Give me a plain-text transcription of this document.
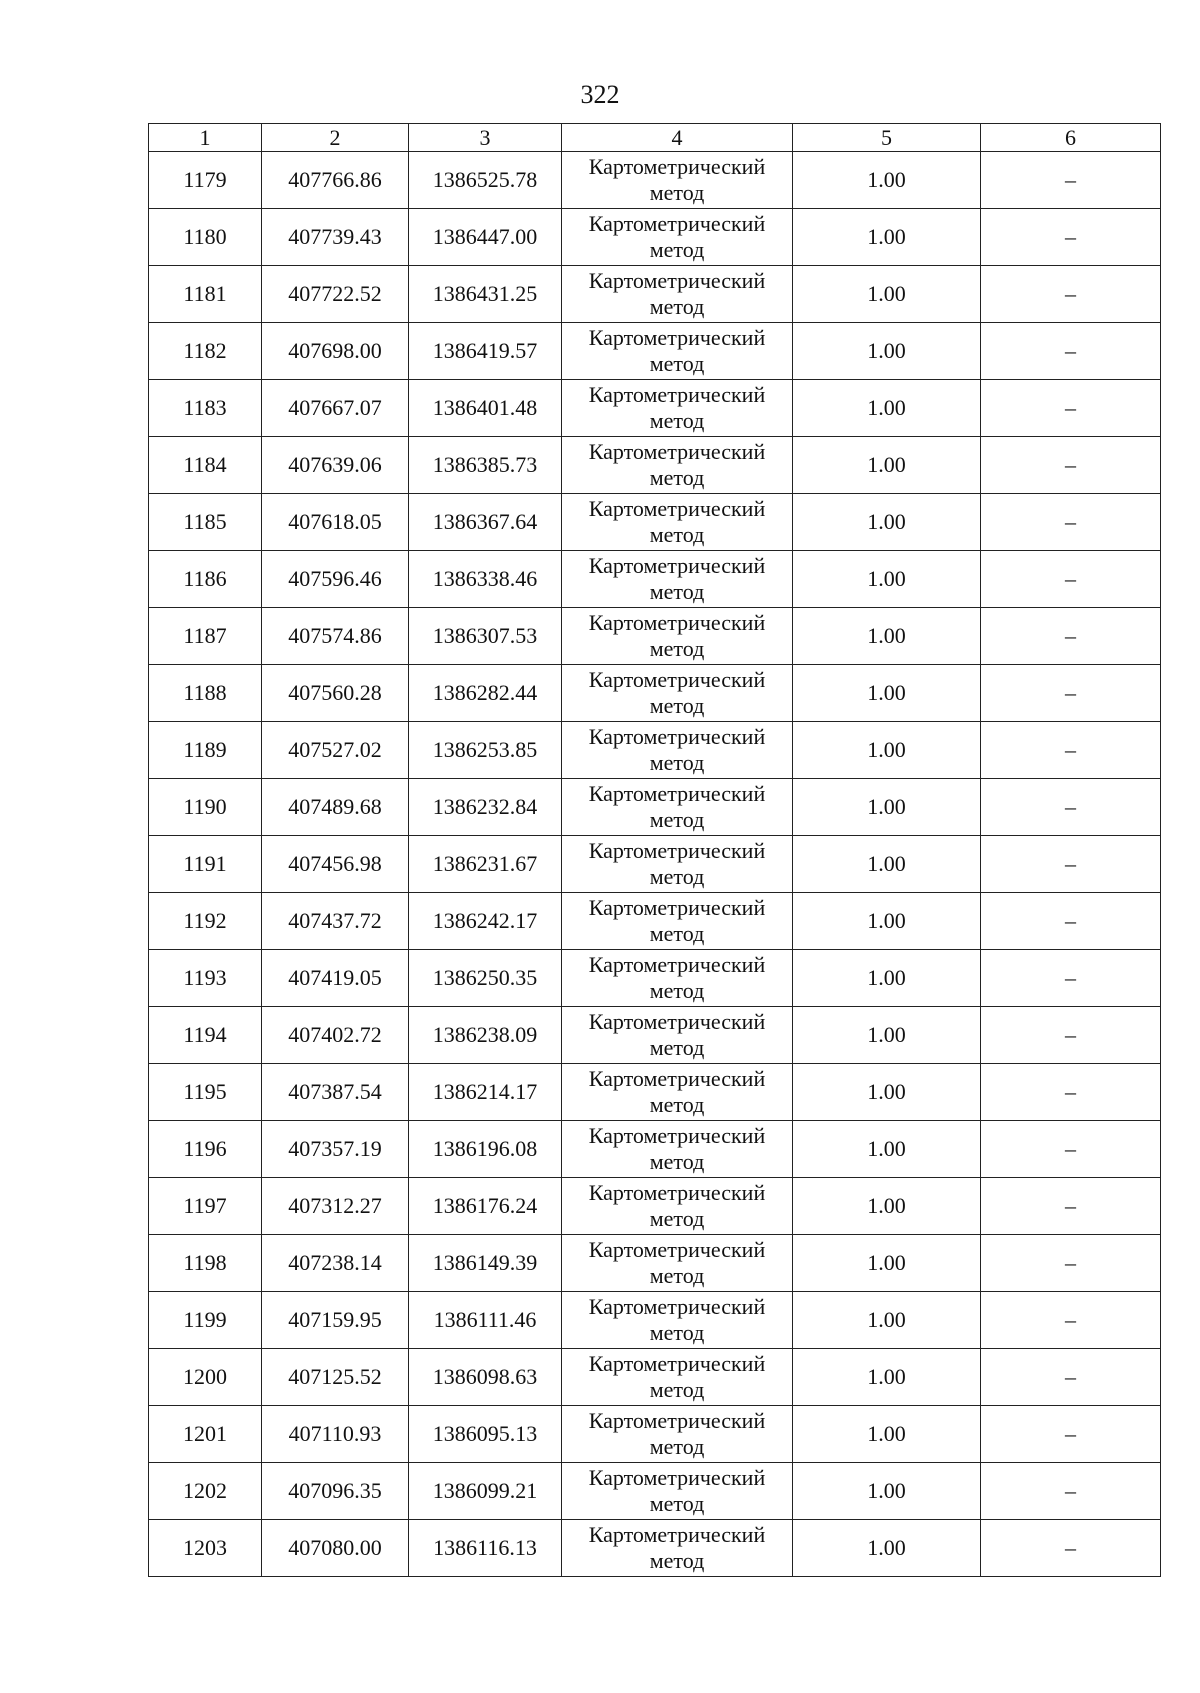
322
1	2	3	4	5	6
1179	407766.86	1386525.78	Картометрический метод	1.00	–
1180	407739.43	1386447.00	Картометрический метод	1.00	–
1181	407722.52	1386431.25	Картометрический метод	1.00	–
1182	407698.00	1386419.57	Картометрический метод	1.00	–
1183	407667.07	1386401.48	Картометрический метод	1.00	–
1184	407639.06	1386385.73	Картометрический метод	1.00	–
1185	407618.05	1386367.64	Картометрический метод	1.00	–
1186	407596.46	1386338.46	Картометрический метод	1.00	–
1187	407574.86	1386307.53	Картометрический метод	1.00	–
1188	407560.28	1386282.44	Картометрический метод	1.00	–
1189	407527.02	1386253.85	Картометрический метод	1.00	–
1190	407489.68	1386232.84	Картометрический метод	1.00	–
1191	407456.98	1386231.67	Картометрический метод	1.00	–
1192	407437.72	1386242.17	Картометрический метод	1.00	–
1193	407419.05	1386250.35	Картометрический метод	1.00	–
1194	407402.72	1386238.09	Картометрический метод	1.00	–
1195	407387.54	1386214.17	Картометрический метод	1.00	–
1196	407357.19	1386196.08	Картометрический метод	1.00	–
1197	407312.27	1386176.24	Картометрический метод	1.00	–
1198	407238.14	1386149.39	Картометрический метод	1.00	–
1199	407159.95	1386111.46	Картометрический метод	1.00	–
1200	407125.52	1386098.63	Картометрический метод	1.00	–
1201	407110.93	1386095.13	Картометрический метод	1.00	–
1202	407096.35	1386099.21	Картометрический метод	1.00	–
1203	407080.00	1386116.13	Картометрический метод	1.00	–
